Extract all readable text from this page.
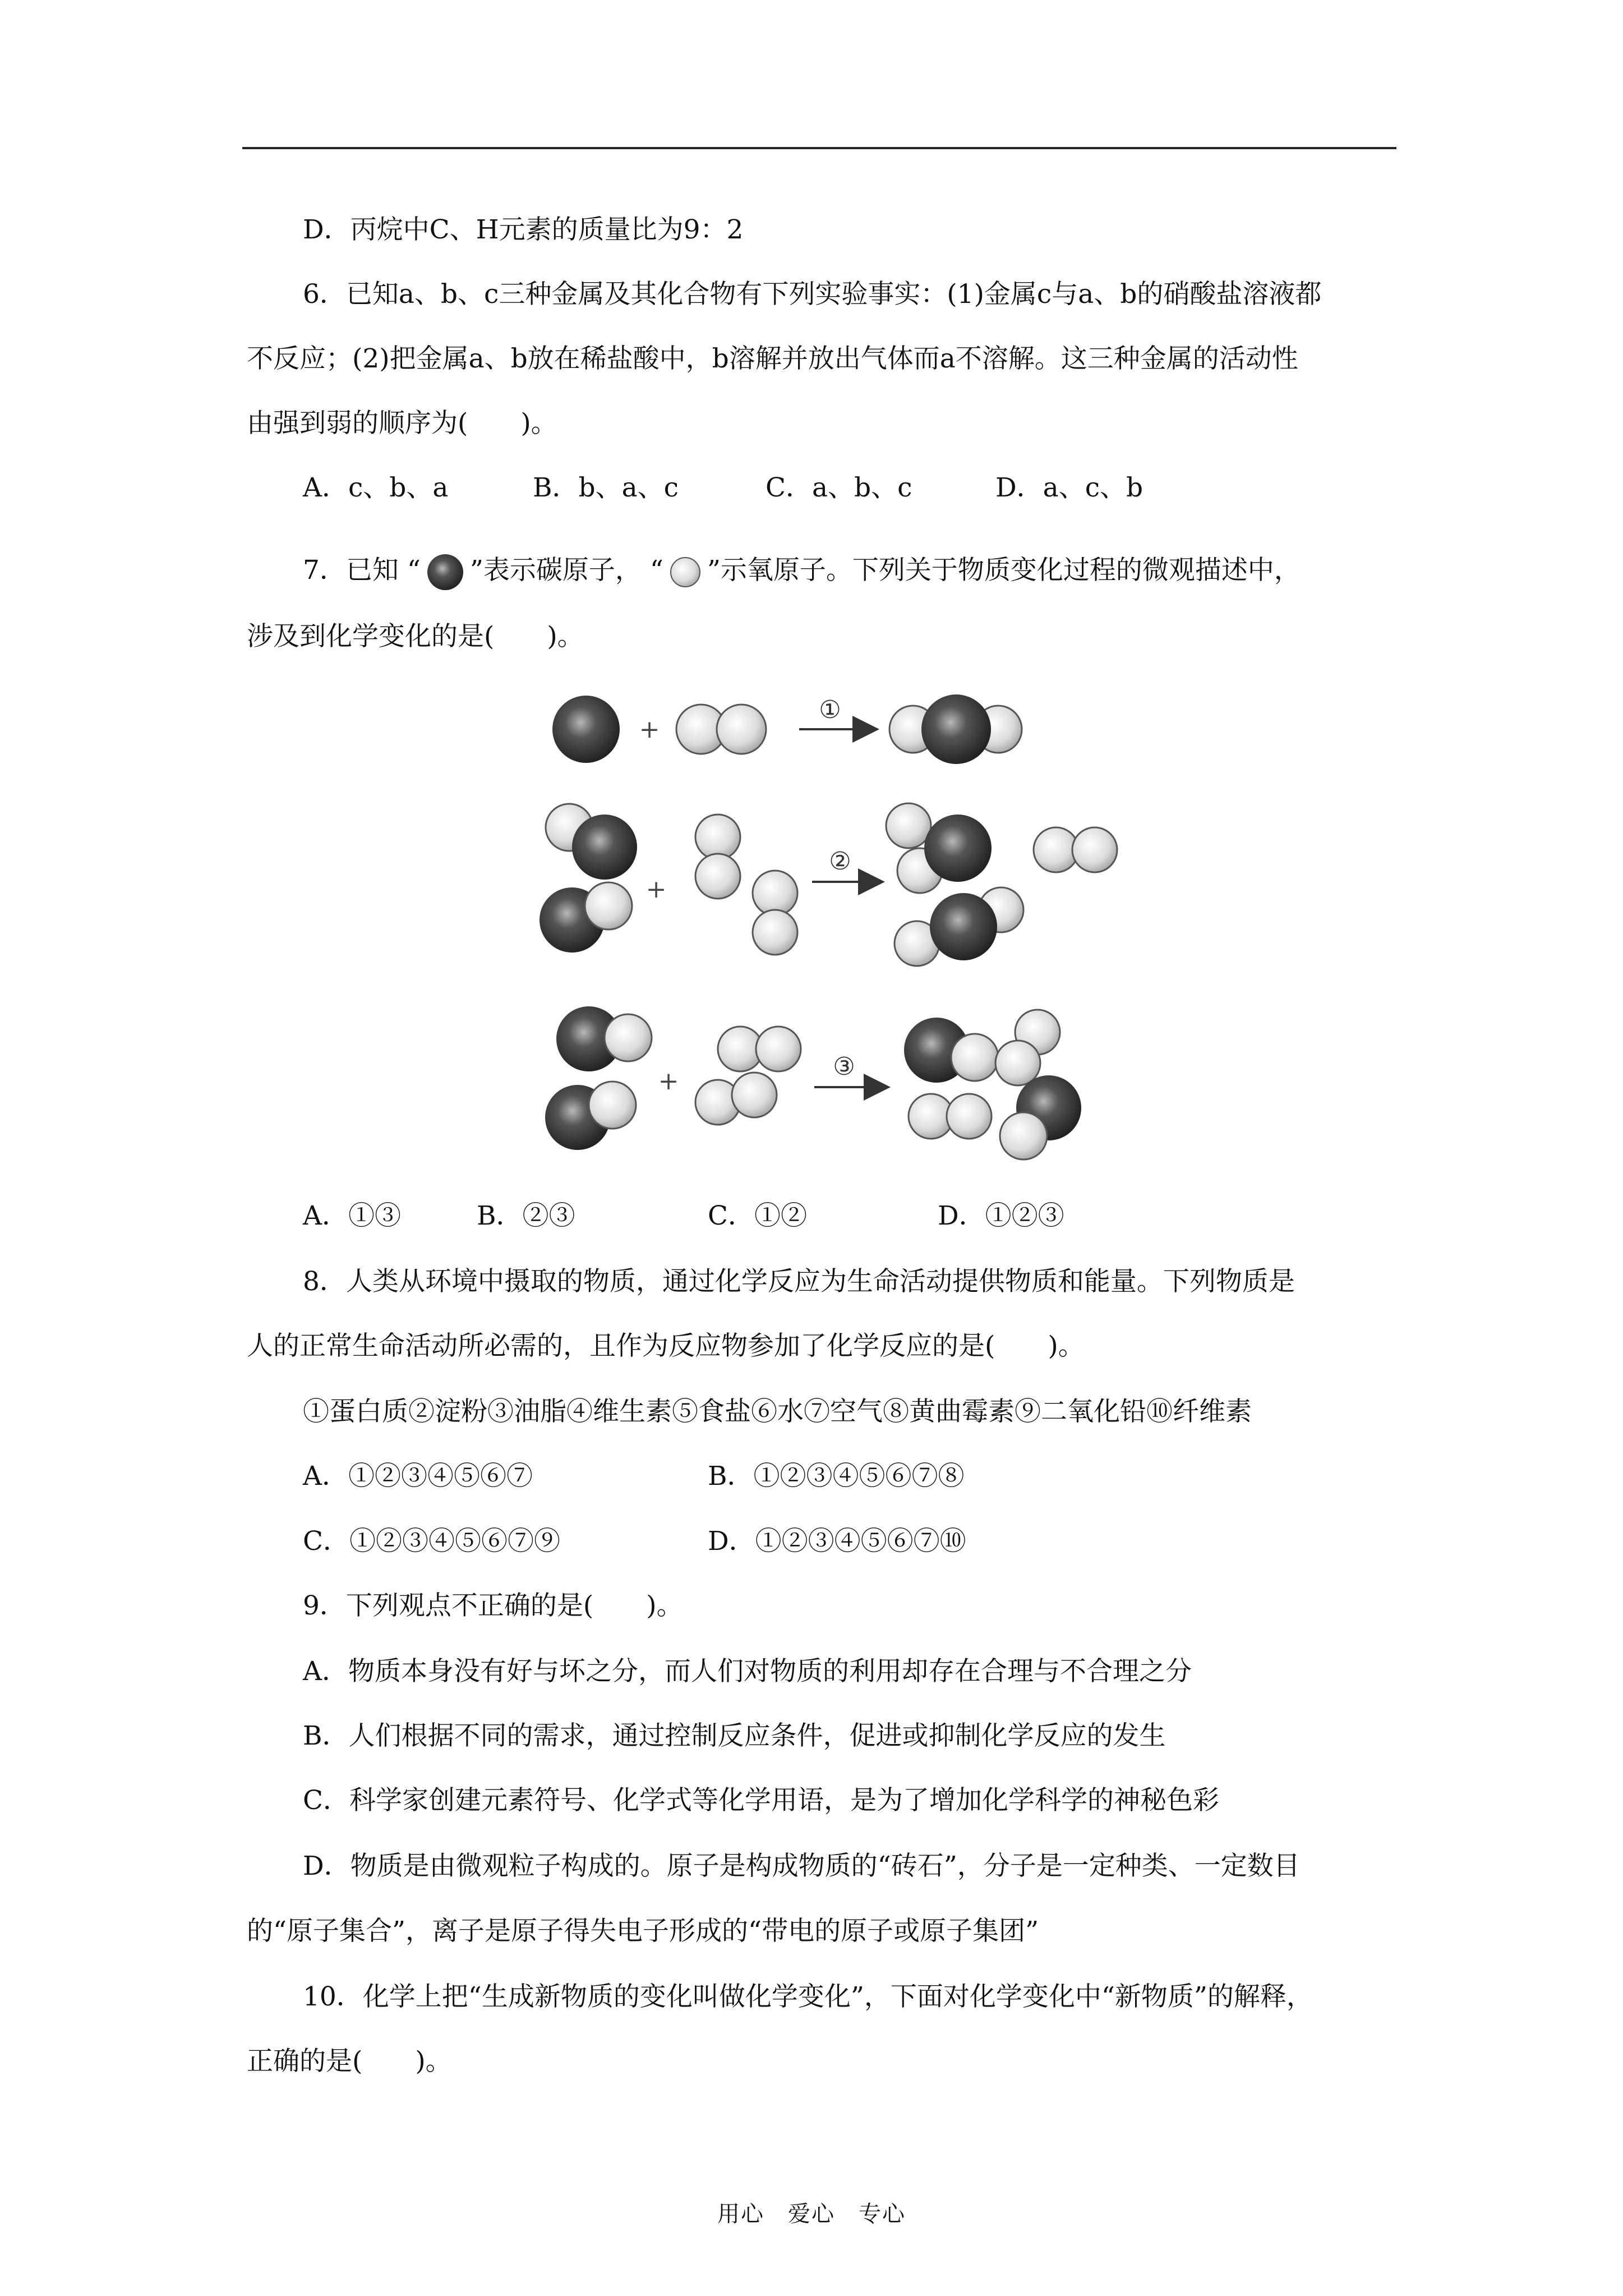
D．丙烷中C、H元素的质量比为9：2
6．已知a、b、c三种金属及其化合物有下列实验事实：(1)金属c与a、b的硝酸盐溶液都
不反应；(2)把金属a、b放在稀盐酸中，b溶解并放出气体而a不溶解。这三种金属的活动性
由强到弱的顺序为(　　)。
A．c、b、a	B．b、a、c	C．a、b、c	D．a、c、b
7．已知 “ ”表示碳原子， “ ”示氧原子。下列关于物质变化过程的微观描述中，
涉及到化学变化的是(　　)。
+
①
+
②
+
③
A．①③	B．②③	C．①②	D．①②③
8．人类从环境中摄取的物质，通过化学反应为生命活动提供物质和能量。下列物质是
人的正常生命活动所必需的，且作为反应物参加了化学反应的是(　　)。
①蛋白质②淀粉③油脂④维生素⑤食盐⑥水⑦空气⑧黄曲霉素⑨二氧化铅⑩纤维素
A．①②③④⑤⑥⑦	B．①②③④⑤⑥⑦⑧
C．①②③④⑤⑥⑦⑨	D．①②③④⑤⑥⑦⑩
9．下列观点不正确的是(　　)。
A．物质本身没有好与坏之分，而人们对物质的利用却存在合理与不合理之分
B．人们根据不同的需求，通过控制反应条件，促进或抑制化学反应的发生
C．科学家创建元素符号、化学式等化学用语，是为了增加化学科学的神秘色彩
D．物质是由微观粒子构成的。原子是构成物质的“砖石”，分子是一定种类、一定数目
的“原子集合”，离子是原子得失电子形成的“带电的原子或原子集团”
10．化学上把“生成新物质的变化叫做化学变化”，下面对化学变化中“新物质”的解释，
正确的是(　　)。
用心　爱心　专心
